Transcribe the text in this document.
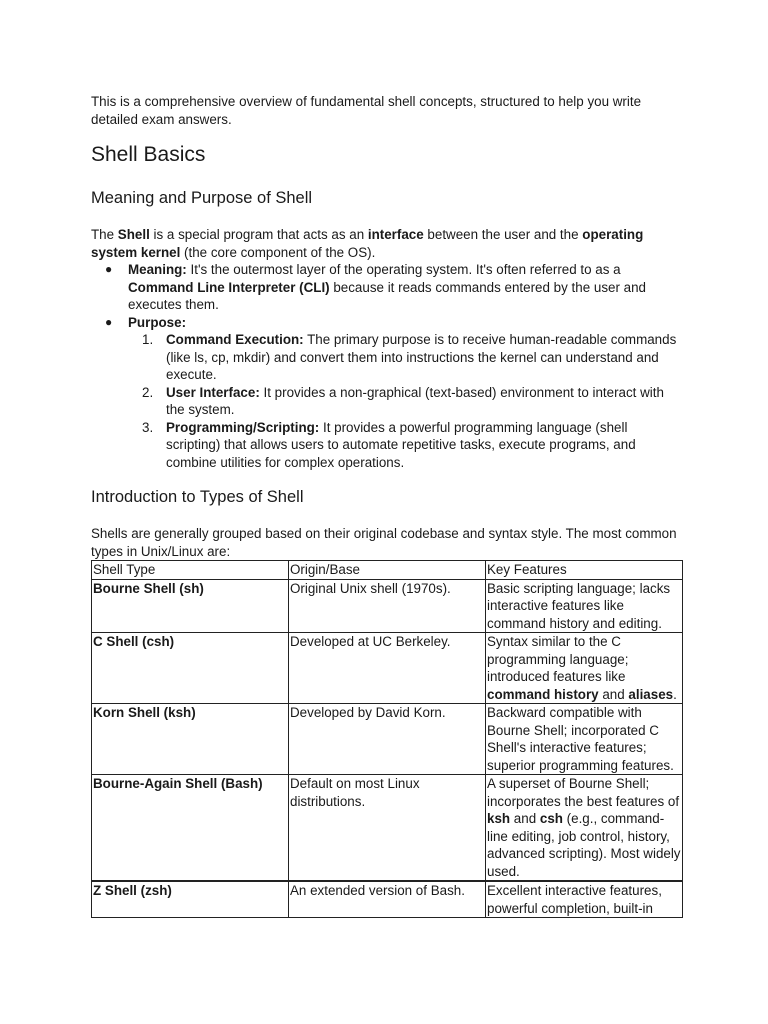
This is a comprehensive overview of fundamental shell concepts, structured to help you write detailed exam answers.

Shell Basics
Meaning and Purpose of Shell

The Shell is a special program that acts as an interface between the user and the operating system kernel (the core component of the OS).

● Meaning: It's the outermost layer of the operating system. It's often referred to as a Command Line Interpreter (CLI) because it reads commands entered by the user and executes them.
● Purpose:
1. Command Execution: The primary purpose is to receive human-readable commands (like ls, cp, mkdir) and convert them into instructions the kernel can understand and execute.
2. User Interface: It provides a non-graphical (text-based) environment to interact with the system.
3. Programming/Scripting: It provides a powerful programming language (shell scripting) that allows users to automate repetitive tasks, execute programs, and combine utilities for complex operations.
Introduction to Types of Shell

Shells are generally grouped based on their original codebase and syntax style. The most common types in Unix/Linux are:

Shell Type	Origin/Base	Key Features
Bourne Shell (sh)	Original Unix shell (1970s).	Basic scripting language; lacks interactive features like command history and editing.
C Shell (csh)	Developed at UC Berkeley.	Syntax similar to the C programming language; introduced features like command history and aliases.
Korn Shell (ksh)	Developed by David Korn.	Backward compatible with Bourne Shell; incorporated C Shell's interactive features; superior programming features.
Bourne-Again Shell (Bash)	Default on most Linux distributions.	A superset of Bourne Shell; incorporates the best features of ksh and csh (e.g., command-line editing, job control, history, advanced scripting). Most widely used.
Z Shell (zsh)	An extended version of Bash.	Excellent interactive features, powerful completion, built-in
